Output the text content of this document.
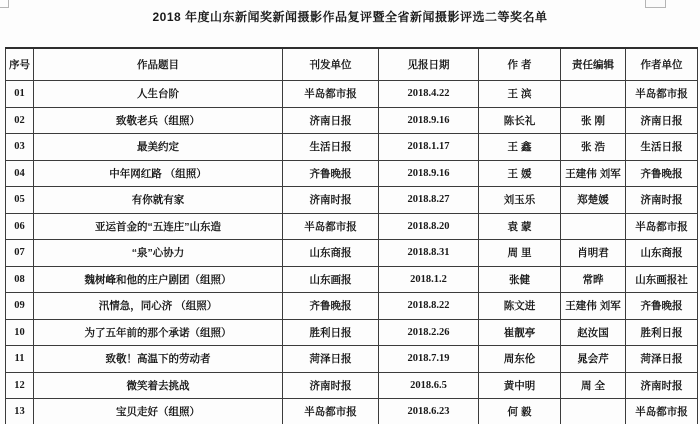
2018 年度山东新闻奖新闻摄影作品复评暨全省新闻摄影评选二等奖名单
序号	作品题目	刊发单位	见报日期	作 者	责任编辑	作者单位
01	人生台阶	半岛都市报	2018.4.22	王 滨		半岛都市报
02	致敬老兵（组照）	济南日报	2018.9.16	陈长礼	张 刚	济南日报
03	最美约定	生活日报	2018.1.17	王 鑫	张 浩	生活日报
04	中年网红路 （组照）	齐鲁晚报	2018.9.16	王 媛	王建伟 刘军	齐鲁晚报
05	有你就有家	济南时报	2018.8.27	刘玉乐	郑楚媛	济南时报
06	亚运首金的“五连庄”山东造	半岛都市报	2018.8.20	袁 蒙		半岛都市报
07	“泉”心协力	山东商报	2018.8.31	周 里	肖明君	山东商报
08	魏树峰和他的庄户剧团（组照）	山东画报	2018.1.2	张健	常晔	山东画报社
09	汛情急，同心济 （组照）	齐鲁晚报	2018.8.22	陈文进	王建伟 刘军	齐鲁晚报
10	为了五年前的那个承诺（组照）	胜利日报	2018.2.26	崔靓亭	赵汝国	胜利日报
11	致敬！高温下的劳动者	菏泽日报	2018.7.19	周东伦	晁会芹	菏泽日报
12	微笑着去挑战	济南时报	2018.6.5	黄中明	周 全	济南时报
13	宝贝走好（组照）	半岛都市报	2018.6.23	何 毅		半岛都市报
